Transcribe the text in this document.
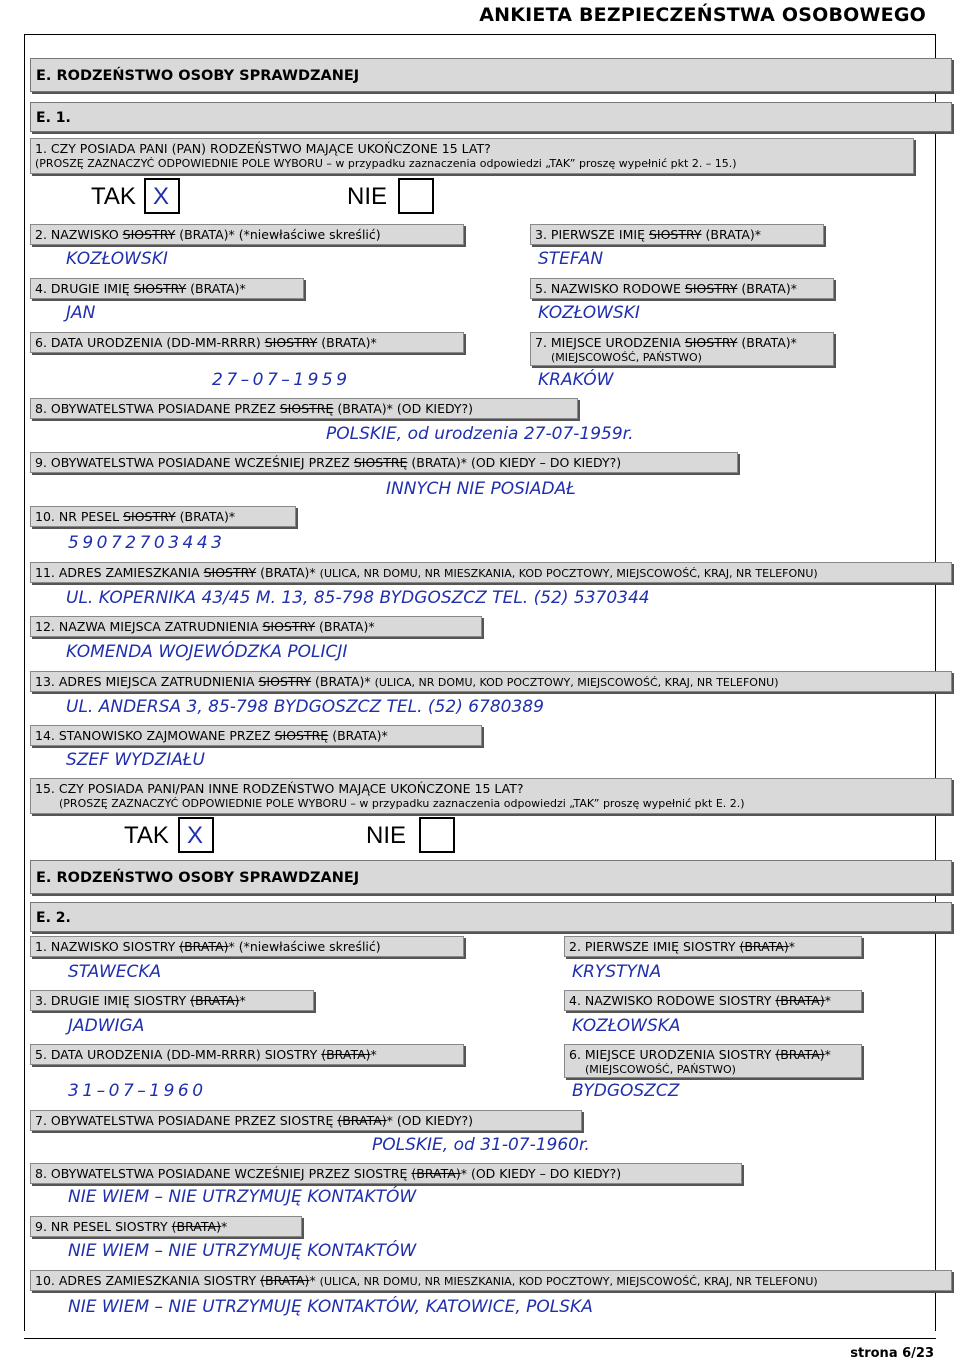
ANKIETA BEZPIECZEŃSTWA OSOBOWEGO
E. RODZEŃSTWO OSOBY SPRAWDZANEJ
E. 1.
1. CZY POSIADA PANI (PAN) RODZEŃSTWO MAJĄCE UKOŃCZONE 15 LAT?
(PROSZĘ ZAZNACZYĆ ODPOWIEDNIE POLE WYBORU – w przypadku zaznaczenia odpowiedzi „TAK” proszę wypełnić pkt 2. – 15.)
TAK X	NIE
2. NAZWISKO SIOSTRY (BRATA)* (*niewłaściwe skreślić)	3. PIERWSZE IMIĘ SIOSTRY (BRATA)*
KOZŁOWSKI	STEFAN
4. DRUGIE IMIĘ SIOSTRY (BRATA)*	5. NAZWISKO RODOWE SIOSTRY (BRATA)*
JAN	KOZŁOWSKI
6. DATA URODZENIA (DD-MM-RRRR) SIOSTRY (BRATA)*	7. MIEJSCE URODZENIA SIOSTRY (BRATA)*
(MIEJSCOWOŚĆ, PAŃSTWO)
27–07–1959	KRAKÓW
8. OBYWATELSTWA POSIADANE PRZEZ SIOSTRĘ (BRATA)* (OD KIEDY?)
POLSKIE, od urodzenia 27-07-1959r.
9. OBYWATELSTWA POSIADANE WCZEŚNIEJ PRZEZ SIOSTRĘ (BRATA)* (OD KIEDY – DO KIEDY?)
INNYCH NIE POSIADAŁ
10. NR PESEL SIOSTRY (BRATA)*
59072703443
11. ADRES ZAMIESZKANIA SIOSTRY (BRATA)* (ULICA, NR DOMU, NR MIESZKANIA, KOD POCZTOWY, MIEJSCOWOŚĆ, KRAJ, NR TELEFONU)
UL. KOPERNIKA 43/45 M. 13, 85-798 BYDGOSZCZ TEL. (52) 5370344
12. NAZWA MIEJSCA ZATRUDNIENIA SIOSTRY (BRATA)*
KOMENDA WOJEWÓDZKA POLICJI
13. ADRES MIEJSCA ZATRUDNIENIA SIOSTRY (BRATA)* (ULICA, NR DOMU, KOD POCZTOWY, MIEJSCOWOŚĆ, KRAJ, NR TELEFONU)
UL. ANDERSA 3, 85-798 BYDGOSZCZ TEL. (52) 6780389
14. STANOWISKO ZAJMOWANE PRZEZ SIOSTRĘ (BRATA)*
SZEF WYDZIAŁU
15. CZY POSIADA PANI/PAN INNE RODZEŃSTWO MAJĄCE UKOŃCZONE 15 LAT?
(PROSZĘ ZAZNACZYĆ ODPOWIEDNIE POLE WYBORU – w przypadku zaznaczenia odpowiedzi „TAK” proszę wypełnić pkt E. 2.)
TAK X	NIE
E. RODZEŃSTWO OSOBY SPRAWDZANEJ
E. 2.
1. NAZWISKO SIOSTRY (BRATA)* (*niewłaściwe skreślić)	2. PIERWSZE IMIĘ SIOSTRY (BRATA)*
STAWECKA	KRYSTYNA
3. DRUGIE IMIĘ SIOSTRY (BRATA)*	4. NAZWISKO RODOWE SIOSTRY (BRATA)*
JADWIGA	KOZŁOWSKA
5. DATA URODZENIA (DD-MM-RRRR) SIOSTRY (BRATA)*	6. MIEJSCE URODZENIA SIOSTRY (BRATA)*
(MIEJSCOWOŚĆ, PAŃSTWO)
31–07–1960	BYDGOSZCZ
7. OBYWATELSTWA POSIADANE PRZEZ SIOSTRĘ (BRATA)* (OD KIEDY?)
POLSKIE, od 31-07-1960r.
8. OBYWATELSTWA POSIADANE WCZEŚNIEJ PRZEZ SIOSTRĘ (BRATA)* (OD KIEDY – DO KIEDY?)
NIE WIEM – NIE UTRZYMUJĘ KONTAKTÓW
9. NR PESEL SIOSTRY (BRATA)*
NIE WIEM – NIE UTRZYMUJĘ KONTAKTÓW
10. ADRES ZAMIESZKANIA SIOSTRY (BRATA)* (ULICA, NR DOMU, NR MIESZKANIA, KOD POCZTOWY, MIEJSCOWOŚĆ, KRAJ, NR TELEFONU)
NIE WIEM – NIE UTRZYMUJĘ KONTAKTÓW, KATOWICE, POLSKA
strona 6/23
